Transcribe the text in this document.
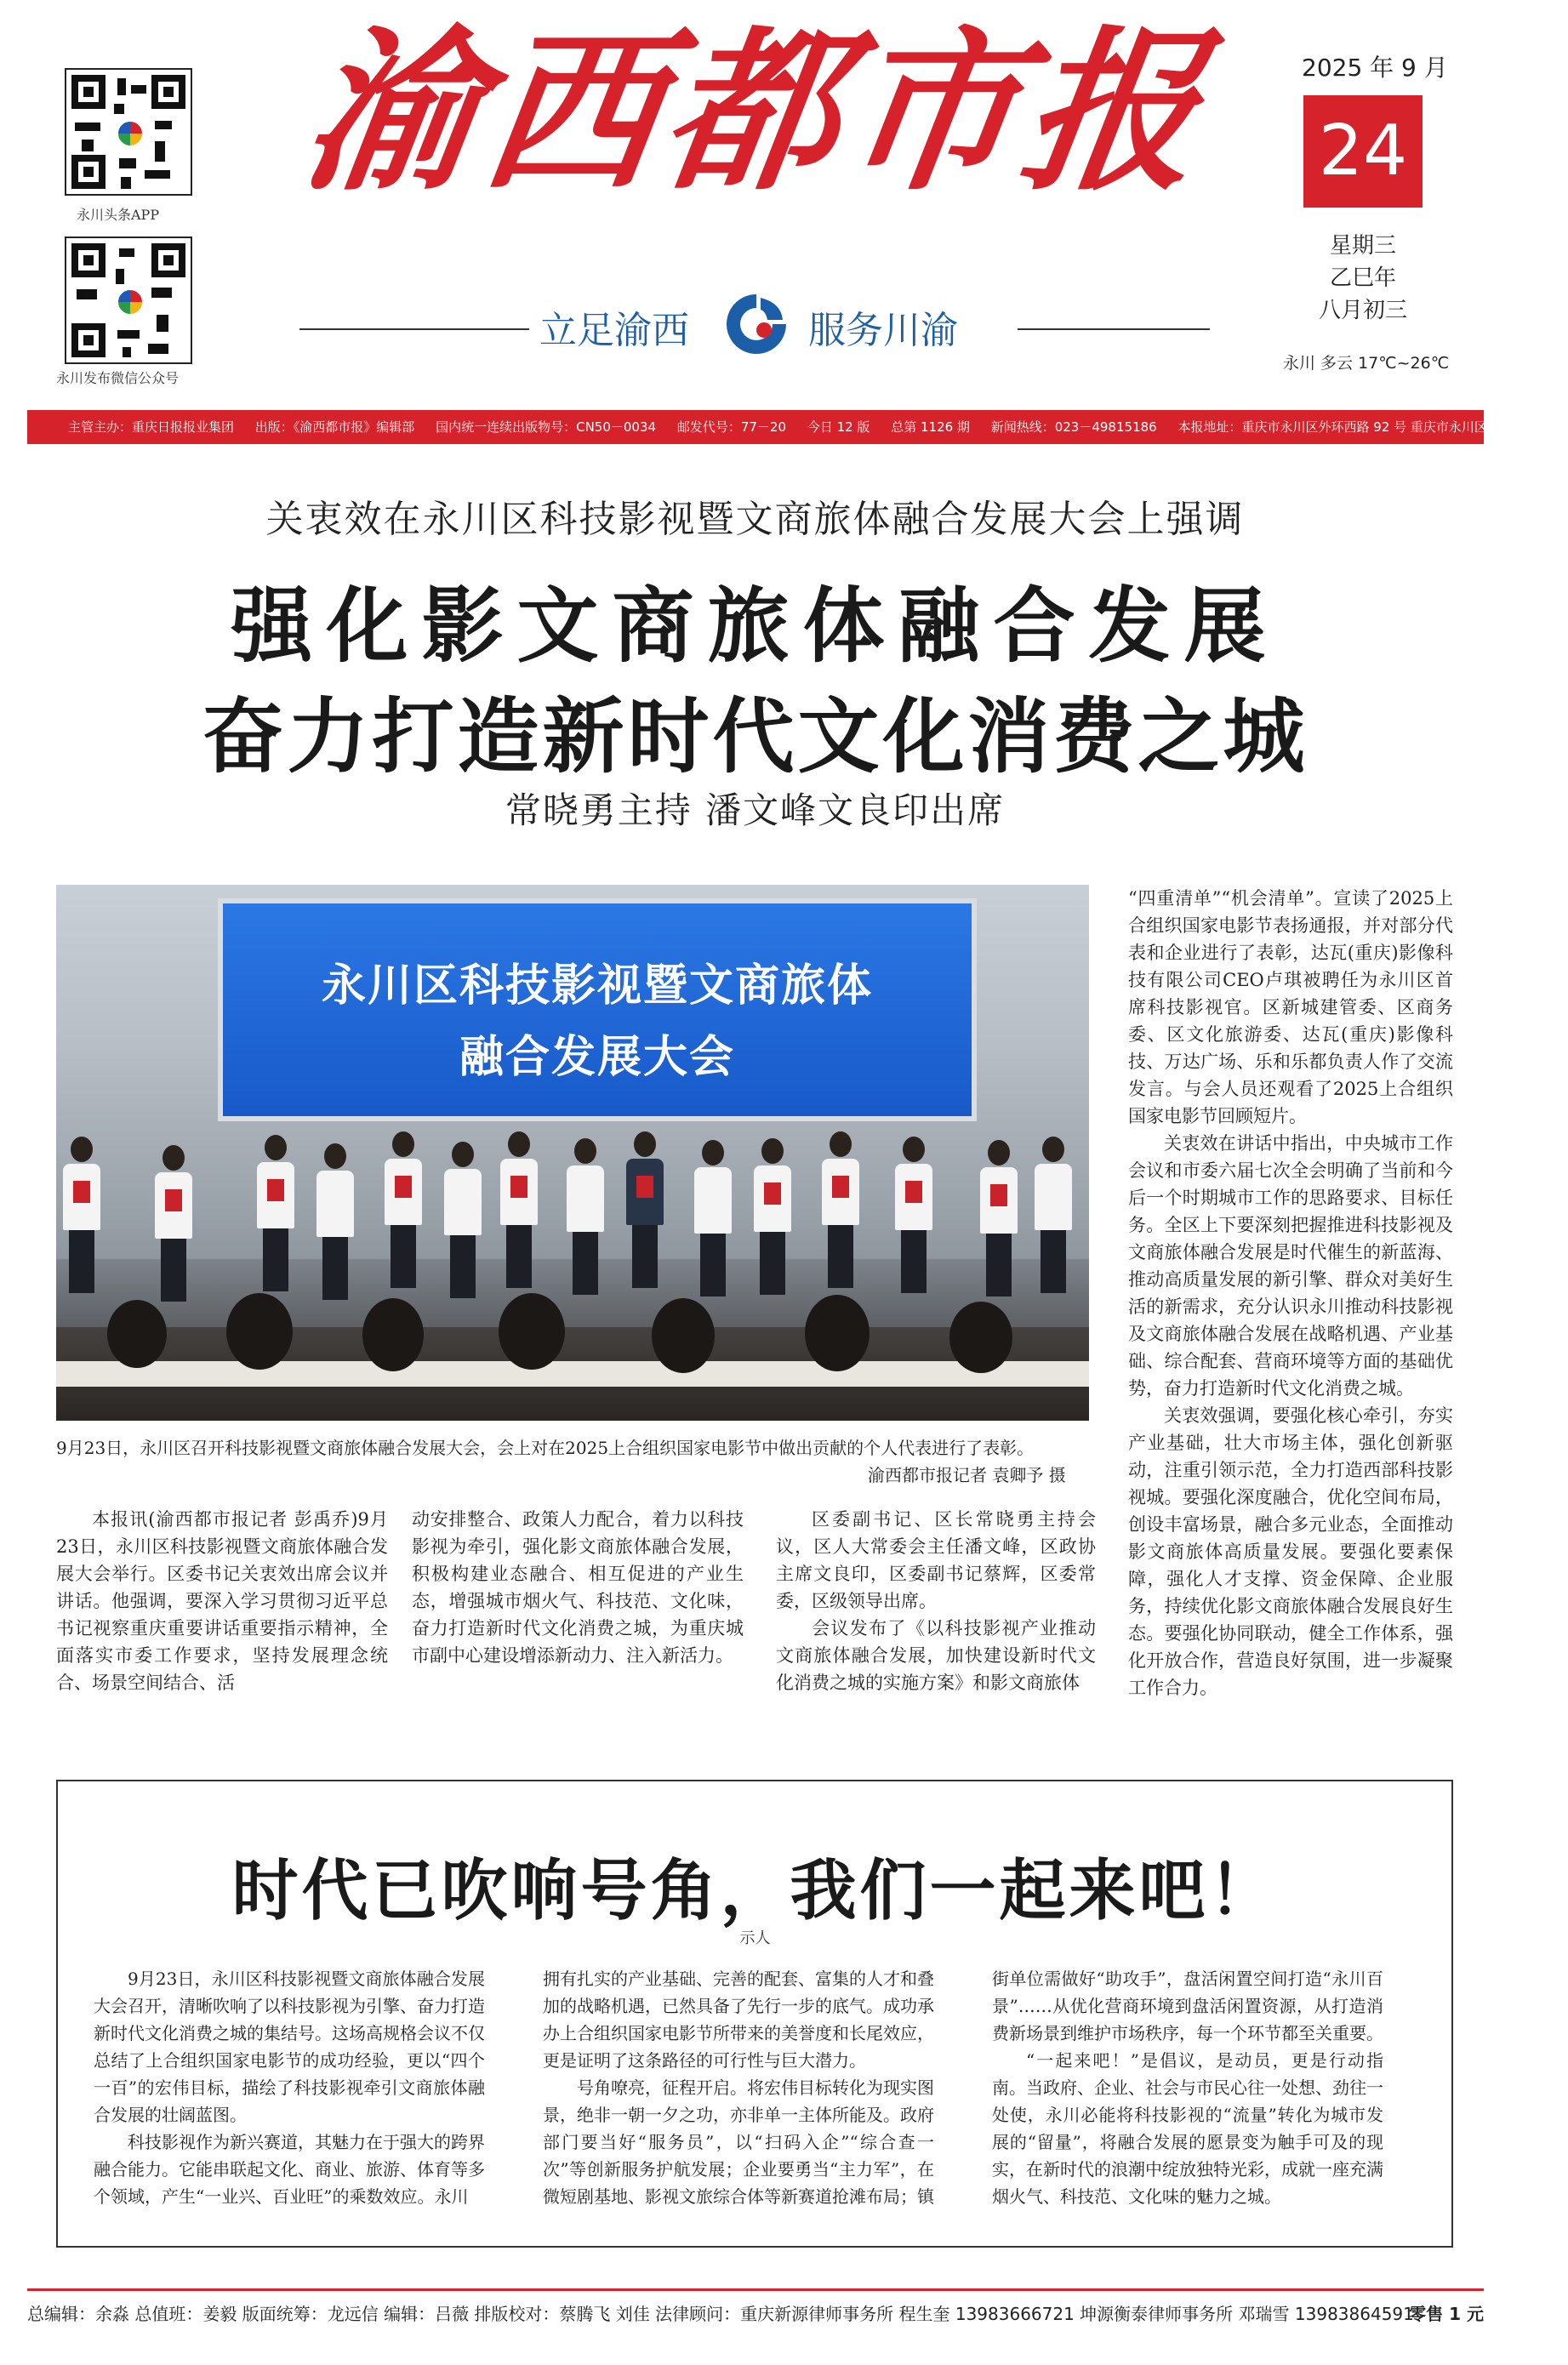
永川头条APP
永川发布微信公众号
渝西都市报
立足渝西	服务川渝
2025 年 9 月
24
星期三
乙巳年
八月初三
永川 多云 17℃~26℃
主管主办：重庆日报报业集团 出版：《渝西都市报》编辑部 国内统一连续出版物号：CN50－0034 邮发代号：77－20 今日 12 版 总第 1126 期 新闻热线：023－49815186 本报地址：重庆市永川区外环西路 92 号 重庆市永川区融媒体中心
关衷效在永川区科技影视暨文商旅体融合发展大会上强调
强化影文商旅体融合发展
奋力打造新时代文化消费之城
常晓勇主持 潘文峰文良印出席
永川区科技影视暨文商旅体
融合发展大会
9月23日，永川区召开科技影视暨文商旅体融合发展大会，会上对在2025上合组织国家电影节中做出贡献的个人代表进行了表彰。
渝西都市报记者 袁卿予 摄

本报讯(渝西都市报记者 彭禹乔)9月23日，永川区科技影视暨文商旅体融合发展大会举行。区委书记关衷效出席会议并讲话。他强调，要深入学习贯彻习近平总书记视察重庆重要讲话重要指示精神，全面落实市委工作要求，坚持发展理念统合、场景空间结合、活

动安排整合、政策人力配合，着力以科技影视为牵引，强化影文商旅体融合发展，积极构建业态融合、相互促进的产业生态，增强城市烟火气、科技范、文化味，奋力打造新时代文化消费之城，为重庆城市副中心建设增添新动力、注入新活力。

区委副书记、区长常晓勇主持会议，区人大常委会主任潘文峰，区政协主席文良印，区委副书记蔡辉，区委常委，区级领导出席。

会议发布了《以科技影视产业推动文商旅体融合发展，加快建设新时代文化消费之城的实施方案》和影文商旅体

“四重清单”“机会清单”。宣读了2025上合组织国家电影节表扬通报，并对部分代表和企业进行了表彰，达瓦(重庆)影像科技有限公司CEO卢琪被聘任为永川区首席科技影视官。区新城建管委、区商务委、区文化旅游委、达瓦(重庆)影像科技、万达广场、乐和乐都负责人作了交流发言。与会人员还观看了2025上合组织国家电影节回顾短片。

关衷效在讲话中指出，中央城市工作会议和市委六届七次全会明确了当前和今后一个时期城市工作的思路要求、目标任务。全区上下要深刻把握推进科技影视及文商旅体融合发展是时代催生的新蓝海、推动高质量发展的新引擎、群众对美好生活的新需求，充分认识永川推动科技影视及文商旅体融合发展在战略机遇、产业基础、综合配套、营商环境等方面的基础优势，奋力打造新时代文化消费之城。

关衷效强调，要强化核心牵引，夯实产业基础，壮大市场主体，强化创新驱动，注重引领示范，全力打造西部科技影视城。要强化深度融合，优化空间布局，创设丰富场景，融合多元业态，全面推动影文商旅体高质量发展。要强化要素保障，强化人才支撑、资金保障、企业服务，持续优化影文商旅体融合发展良好生态。要强化协同联动，健全工作体系，强化开放合作，营造良好氛围，进一步凝聚工作合力。

时代已吹响号角，我们一起来吧！
示人

9月23日，永川区科技影视暨文商旅体融合发展大会召开，清晰吹响了以科技影视为引擎、奋力打造新时代文化消费之城的集结号。这场高规格会议不仅总结了上合组织国家电影节的成功经验，更以“四个一百”的宏伟目标，描绘了科技影视牵引文商旅体融合发展的壮阔蓝图。

科技影视作为新兴赛道，其魅力在于强大的跨界融合能力。它能串联起文化、商业、旅游、体育等多个领域，产生“一业兴、百业旺”的乘数效应。永川

拥有扎实的产业基础、完善的配套、富集的人才和叠加的战略机遇，已然具备了先行一步的底气。成功承办上合组织国家电影节所带来的美誉度和长尾效应，更是证明了这条路径的可行性与巨大潜力。

号角嘹亮，征程开启。将宏伟目标转化为现实图景，绝非一朝一夕之功，亦非单一主体所能及。政府部门要当好“服务员”，以“扫码入企”“综合查一次”等创新服务护航发展；企业要勇当“主力军”，在微短剧基地、影视文旅综合体等新赛道抢滩布局；镇

街单位需做好“助攻手”，盘活闲置空间打造“永川百景”……从优化营商环境到盘活闲置资源，从打造消费新场景到维护市场秩序，每一个环节都至关重要。

“一起来吧！”是倡议，是动员，更是行动指南。当政府、企业、社会与市民心往一处想、劲往一处使，永川必能将科技影视的“流量”转化为城市发展的“留量”，将融合发展的愿景变为触手可及的现实，在新时代的浪潮中绽放独特光彩，成就一座充满烟火气、科技范、文化味的魅力之城。

总编辑：余淼 总值班：姜毅 版面统筹：龙远信 编辑：吕薇 排版校对：蔡腾飞 刘佳 法律顾问：重庆新源律师事务所 程生奎 13983666721 坤源衡泰律师事务所 邓瑞雪 13983864591
零售 1 元
